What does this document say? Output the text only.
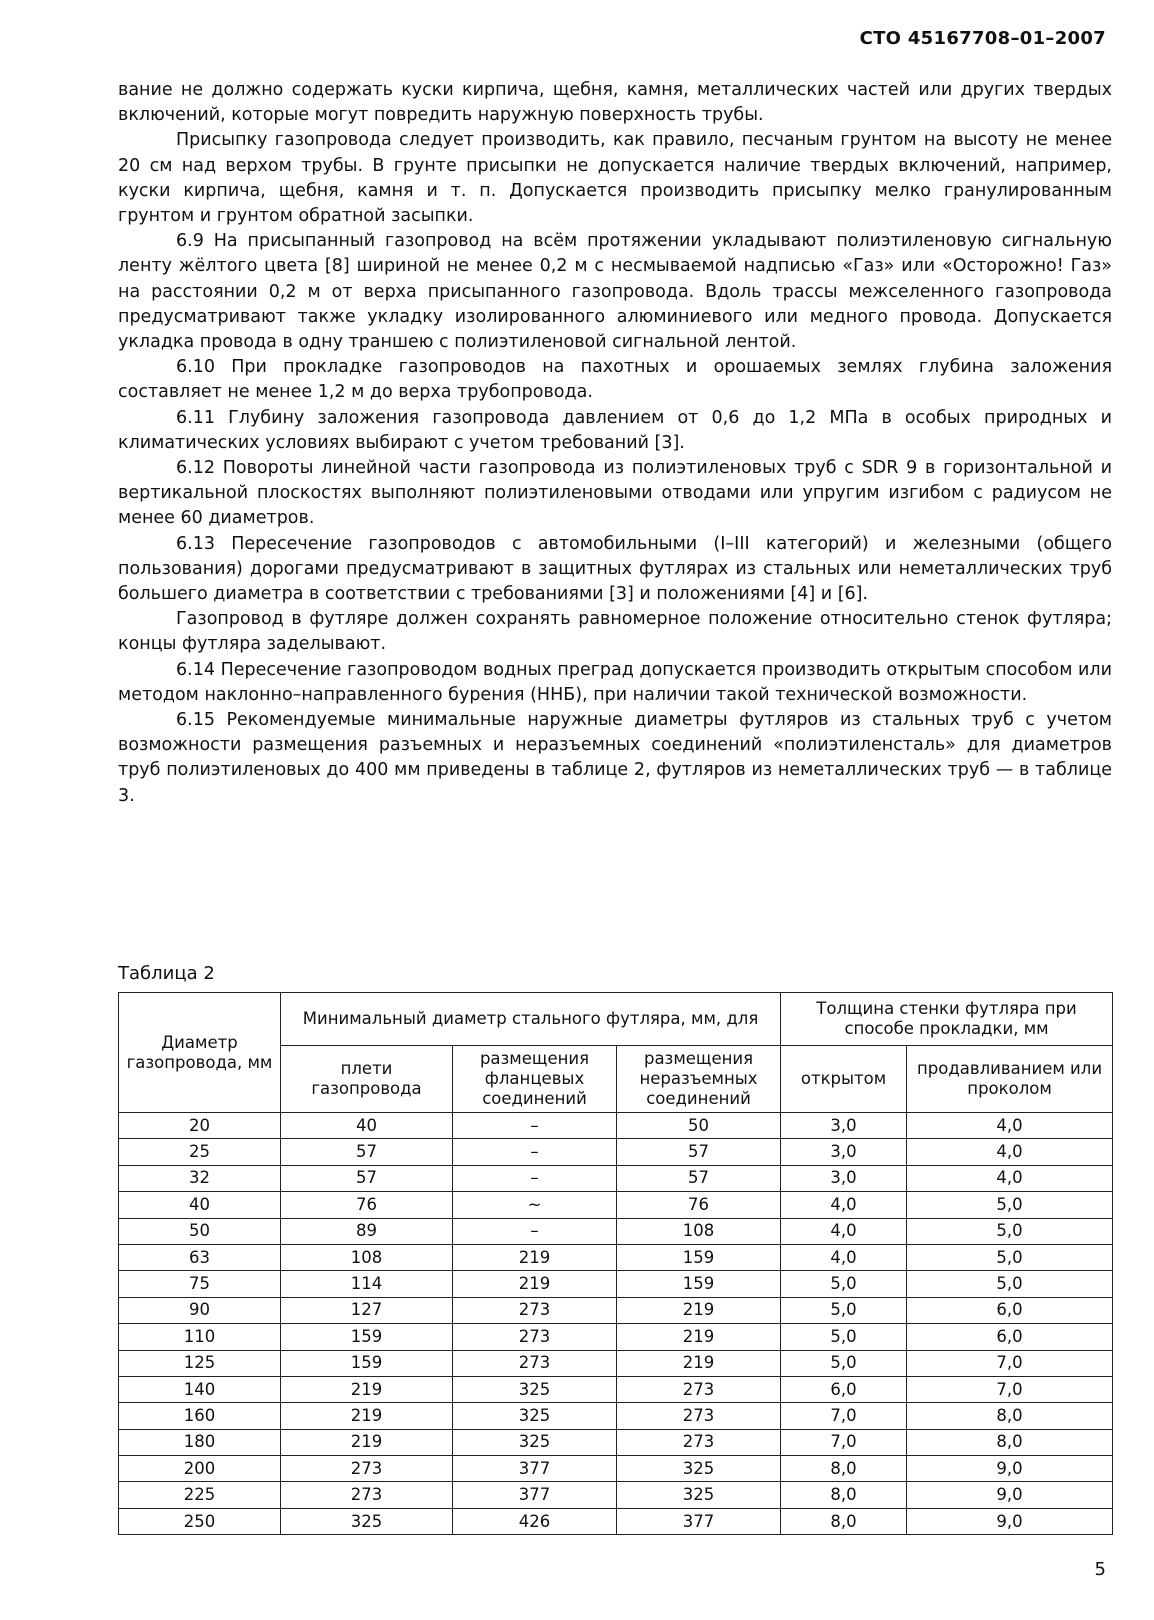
СТО 45167708–01–2007

вание не должно содержать куски кирпича, щебня, камня, металлических частей или других твердых включений, которые могут повредить наружную поверхность трубы.

Присыпку газопровода следует производить, как правило, песчаным грунтом на высоту не менее 20 см над верхом трубы. В грунте присыпки не допускается наличие твердых включений, например, куски кирпича, щебня, камня и т. п. Допускается производить присыпку мелко гранулированным грунтом и грунтом обратной засыпки.

6.9 На присыпанный газопровод на всём протяжении укладывают полиэтиленовую сигнальную ленту жёлтого цвета [8] шириной не менее 0,2 м с несмываемой надписью «Газ» или «Осторожно! Газ» на расстоянии 0,2 м от верха присыпанного газопровода. Вдоль трассы межселенного газопровода предусматривают также укладку изолированного алюминиевого или медного провода. Допускается укладка провода в одну траншею с полиэтиленовой сигнальной лентой.

6.10 При прокладке газопроводов на пахотных и орошаемых землях глубина заложения составляет не менее 1,2 м до верха трубопровода.

6.11 Глубину заложения газопровода давлением от 0,6 до 1,2 МПа в особых природных и климатических условиях выбирают с учетом требований [3].

6.12 Повороты линейной части газопровода из полиэтиленовых труб с SDR 9 в горизонтальной и вертикальной плоскостях выполняют полиэтиленовыми отводами или упругим изгибом с радиусом не менее 60 диаметров.

6.13 Пересечение газопроводов с автомобильными (I–III категорий) и железными (общего пользования) дорогами предусматривают в защитных футлярах из стальных или неметаллических труб большего диаметра в соответствии с требованиями [3] и положениями [4] и [6].

Газопровод в футляре должен сохранять равномерное положение относительно стенок футляра; концы футляра заделывают.

6.14 Пересечение газопроводом водных преград допускается производить открытым способом или методом наклонно–направленного бурения (ННБ), при наличии такой технической возможности.

6.15 Рекомендуемые минимальные наружные диаметры футляров из стальных труб с учетом возможности размещения разъемных и неразъемных соединений «полиэтиленсталь» для диаметров труб полиэтиленовых до 400 мм приведены в таблице 2, футляров из неметаллических труб — в таблице 3.

Таблица 2
Диаметр газопровода, мм	Минимальный диаметр стального футляра, мм, для			Толщина стенки футляра при способе прокладки, мм	
	плети газопровода	размещения фланцевых соединений	размещения неразъемных соединений	открытом	продавливанием или проколом
20	40	–	50	3,0	4,0
25	57	–	57	3,0	4,0
32	57	–	57	3,0	4,0
40	76	~	76	4,0	5,0
50	89	–	108	4,0	5,0
63	108	219	159	4,0	5,0
75	114	219	159	5,0	5,0
90	127	273	219	5,0	6,0
110	159	273	219	5,0	6,0
125	159	273	219	5,0	7,0
140	219	325	273	6,0	7,0
160	219	325	273	7,0	8,0
180	219	325	273	7,0	8,0
200	273	377	325	8,0	9,0
225	273	377	325	8,0	9,0
250	325	426	377	8,0	9,0
5
